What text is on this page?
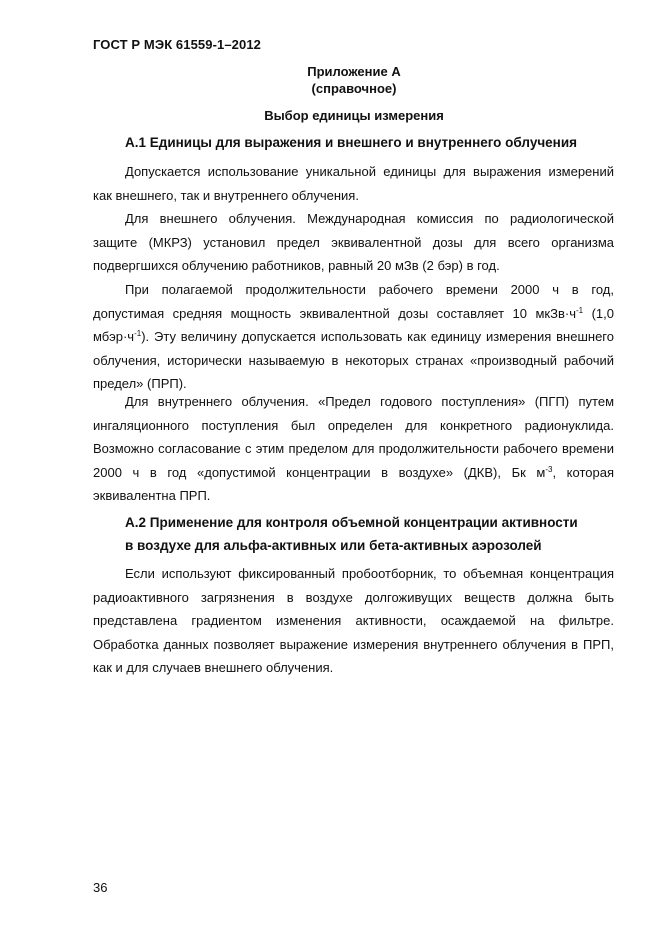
ГОСТ Р МЭК 61559-1–2012
Приложение А
(справочное)
Выбор единицы измерения
А.1 Единицы для выражения и внешнего и внутреннего облучения
Допускается использование уникальной единицы для выражения измерений как внешнего, так и внутреннего облучения.
Для внешнего облучения. Международная комиссия по радиологической защите (МКРЗ) установил предел эквивалентной дозы для всего организма подвергшихся облучению работников, равный 20 мЗв (2 бэр) в год.
При полагаемой продолжительности рабочего времени 2000 ч в год, допустимая средняя мощность эквивалентной дозы составляет 10 $мкЗв\cdot ч^{-1}$ (1,0 $мбэр\cdot ч^{-1}$). Эту величину допускается использовать как единицу измерения внешнего облучения, исторически называемую в некоторых странах «производный рабочий предел» (ПРП).
Для внутреннего облучения. «Предел годового поступления» (ПГП) путем ингаляционного поступления был определен для конкретного радионуклида. Возможно согласование с этим пределом для продолжительности рабочего времени 2000 ч в год «допустимой концентрации в воздухе» (ДКВ), Бк $м^{-3}$, которая эквивалентна ПРП.
А.2 Применение для контроля объемной концентрации активности
в воздухе для альфа-активных или бета-активных аэрозолей
Если используют фиксированный пробоотборник, то объемная концентрация радиоактивного загрязнения в воздухе долгоживущих веществ должна быть представлена градиентом изменения активности, осаждаемой на фильтре. Обработка данных позволяет выражение измерения внутреннего облучения в ПРП, как и для случаев внешнего облучения.
36
